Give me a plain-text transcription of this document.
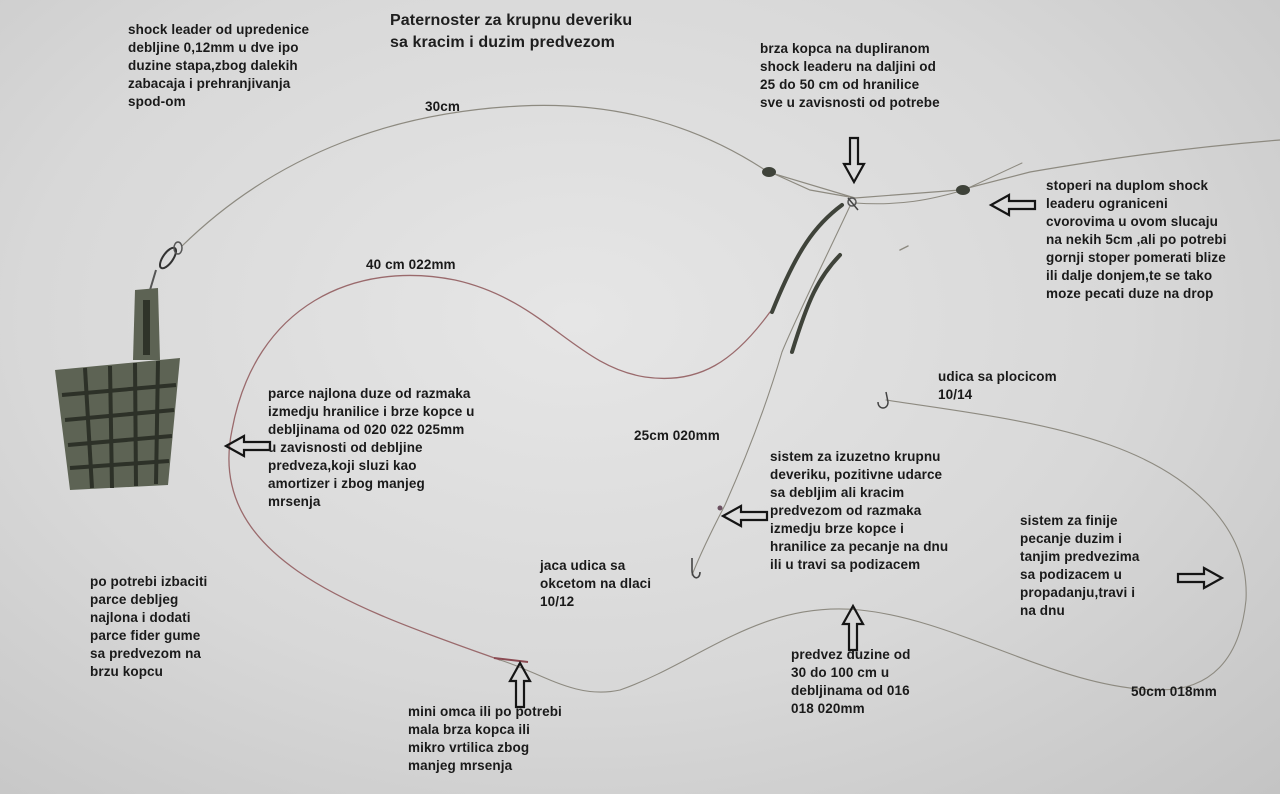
Paternoster za krupnu deveriku
sa kracim i duzim predvezom

shock leader od upredenice
debljine 0,12mm u dve ipo
duzine stapa,zbog dalekih
zabacaja i prehranjivanja
spod-om	30cm

brza kopca na dupliranom
shock leaderu na daljini od
25 do 50 cm od hranilice
sve u zavisnosti od potrebe

stoperi na duplom shock
leaderu ograniceni
cvorovima u ovom slucaju
na nekih 5cm ,ali po potrebi
gornji stoper pomerati blize
ili dalje donjem,te se tako
moze pecati duze na drop

40 cm 022mm

udica sa plocicom
10/14

parce najlona duze od razmaka
izmedju hranilice i brze kopce u
debljinama od 020 022 025mm
u zavisnosti od debljine
predveza,koji sluzi kao
amortizer i zbog manjeg
mrsenja

25cm 020mm

sistem za izuzetno krupnu
deveriku, pozitivne udarce
sa debljim ali kracim
predvezom od razmaka
izmedju brze kopce i
hranilice za pecanje na dnu
ili u travi sa podizacem

sistem za finije
pecanje duzim i
tanjim predvezima
sa podizacem u
propadanju,travi i
na dnu

jaca udica sa
okcetom na dlaci
10/12

po potrebi izbaciti
parce debljeg
najlona i dodati
parce fider gume
sa predvezom na
brzu kopcu

predvez duzine od
30 do 100 cm u
debljinama od 016
018 020mm

50cm 018mm

mini omca ili po potrebi
mala brza kopca ili
mikro vrtilica zbog
manjeg mrsenja
